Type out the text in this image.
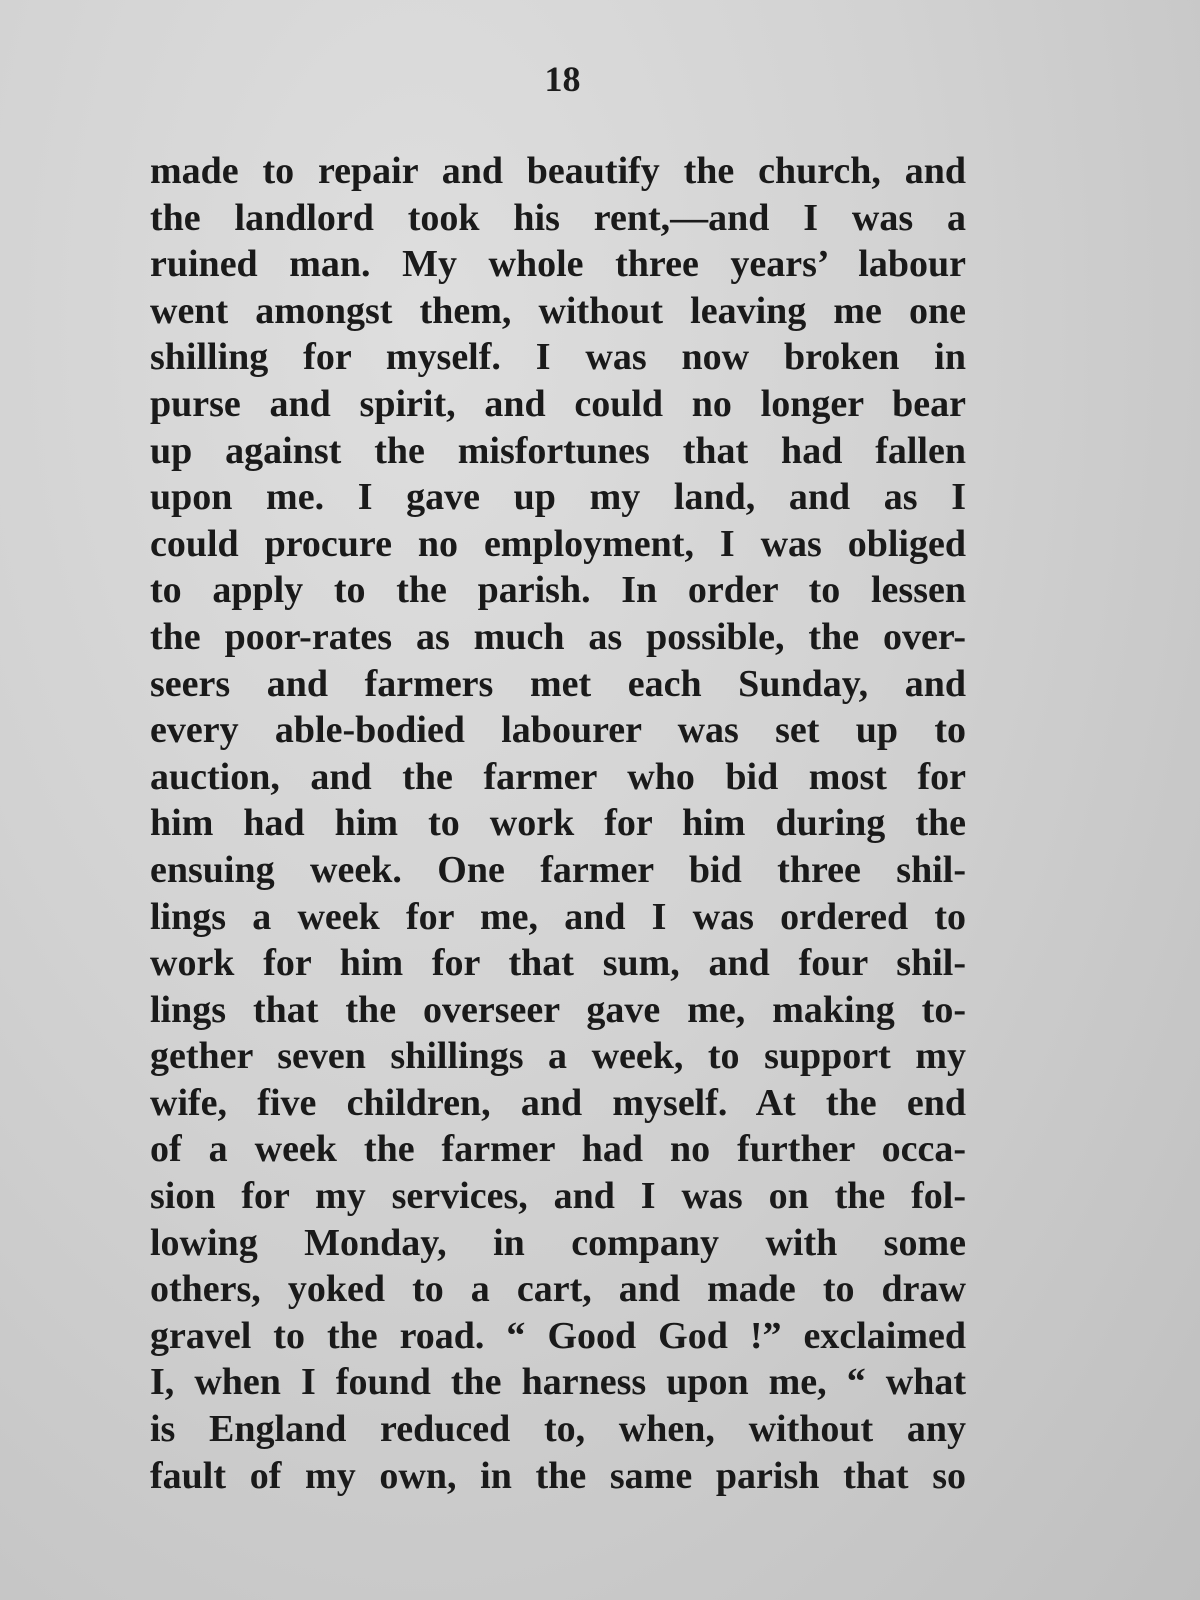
18

made to repair and beautify the church, and
the landlord took his rent,—and I was a
ruined man. My whole three years’ labour
went amongst them, without leaving me one
shilling for myself. I was now broken in
purse and spirit, and could no longer bear
up against the misfortunes that had fallen
upon me. I gave up my land, and as I
could procure no employment, I was obliged
to apply to the parish. In order to lessen
the poor-rates as much as possible, the over-
seers and farmers met each Sunday, and
every able-bodied labourer was set up to
auction, and the farmer who bid most for
him had him to work for him during the
ensuing week. One farmer bid three shil-
lings a week for me, and I was ordered to
work for him for that sum, and four shil-
lings that the overseer gave me, making to-
gether seven shillings a week, to support my
wife, five children, and myself. At the end
of a week the farmer had no further occa-
sion for my services, and I was on the fol-
lowing Monday, in company with some
others, yoked to a cart, and made to draw
gravel to the road. “ Good God !” exclaimed
I, when I found the harness upon me, “ what
is England reduced to, when, without any
fault of my own, in the same parish that so
